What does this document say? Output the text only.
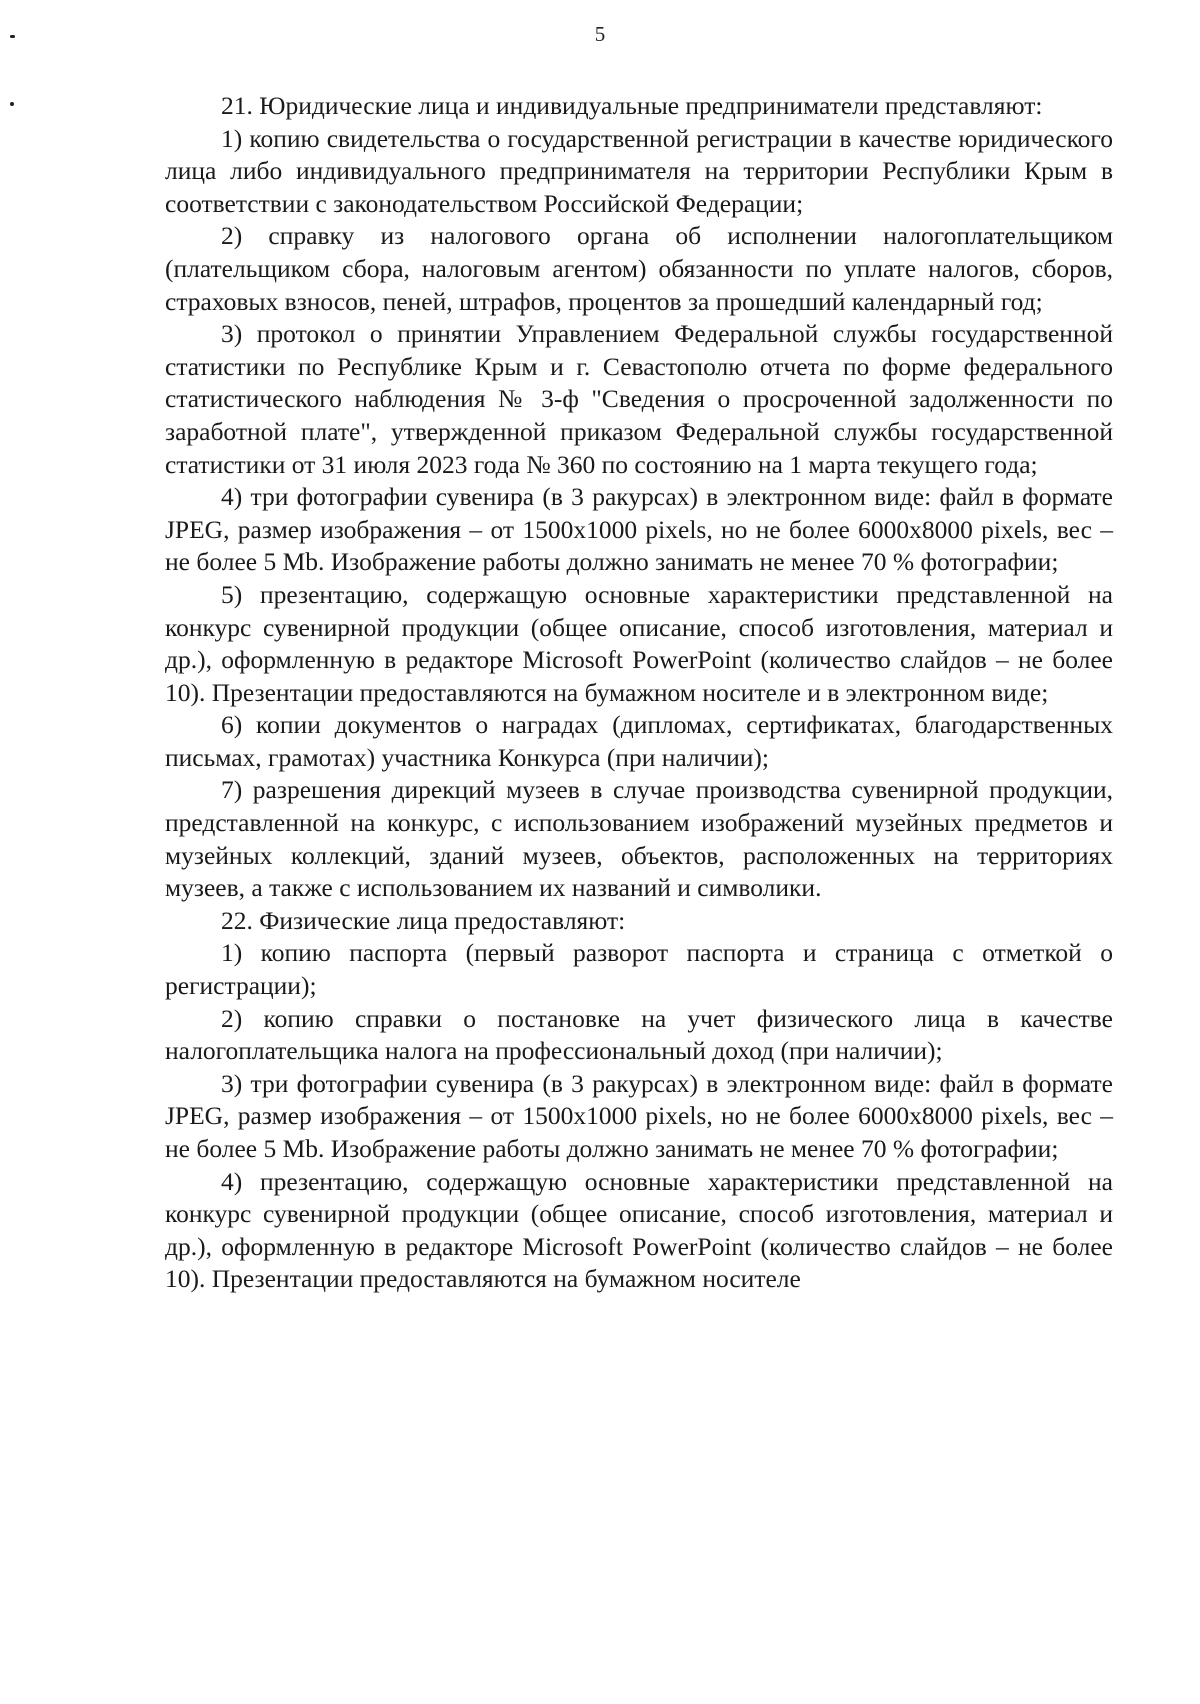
5

21. Юридические лица и индивидуальные предприниматели представляют:

1) копию свидетельства о государственной регистрации в качестве юридического лица либо индивидуального предпринимателя на территории Республики Крым в соответствии с законодательством Российской Федерации;

2) справку из налогового органа об исполнении налогоплательщиком (плательщиком сбора, налоговым агентом) обязанности по уплате налогов, сборов, страховых взносов, пеней, штрафов, процентов за прошедший календарный год;

3) протокол о принятии Управлением Федеральной службы государственной статистики по Республике Крым и г. Севастополю отчета по форме федерального статистического наблюдения № 3-ф "Сведения о просроченной задолженности по заработной плате", утвержденной приказом Федеральной службы государственной статистики от 31 июля 2023 года № 360 по состоянию на 1 марта текущего года;

4) три фотографии сувенира (в 3 ракурсах) в электронном виде: файл в формате JPEG, размер изображения – от 1500x1000 pixels, но не более 6000x8000 pixels, вес – не более 5 Mb. Изображение работы должно занимать не менее 70 % фотографии;

5) презентацию, содержащую основные характеристики представленной на конкурс сувенирной продукции (общее описание, способ изготовления, материал и др.), оформленную в редакторе Microsoft PowerPoint (количество слайдов – не более 10). Презентации предоставляются на бумажном носителе и в электронном виде;

6) копии документов о наградах (дипломах, сертификатах, благодарственных письмах, грамотах) участника Конкурса (при наличии);

7) разрешения дирекций музеев в случае производства сувенирной продукции, представленной на конкурс, с использованием изображений музейных предметов и музейных коллекций, зданий музеев, объектов, расположенных на территориях музеев, а также с использованием их названий и символики.

22. Физические лица предоставляют:

1) копию паспорта (первый разворот паспорта и страница с отметкой о регистрации);

2) копию справки о постановке на учет физического лица в качестве налогоплательщика налога на профессиональный доход (при наличии);

3) три фотографии сувенира (в 3 ракурсах) в электронном виде: файл в формате JPEG, размер изображения – от 1500x1000 pixels, но не более 6000x8000 pixels, вес – не более 5 Mb. Изображение работы должно занимать не менее 70 % фотографии;

4) презентацию, содержащую основные характеристики представленной на конкурс сувенирной продукции (общее описание, способ изготовления, материал и др.), оформленную в редакторе Microsoft PowerPoint (количество слайдов – не более 10). Презентации предоставляются на бумажном носителе
